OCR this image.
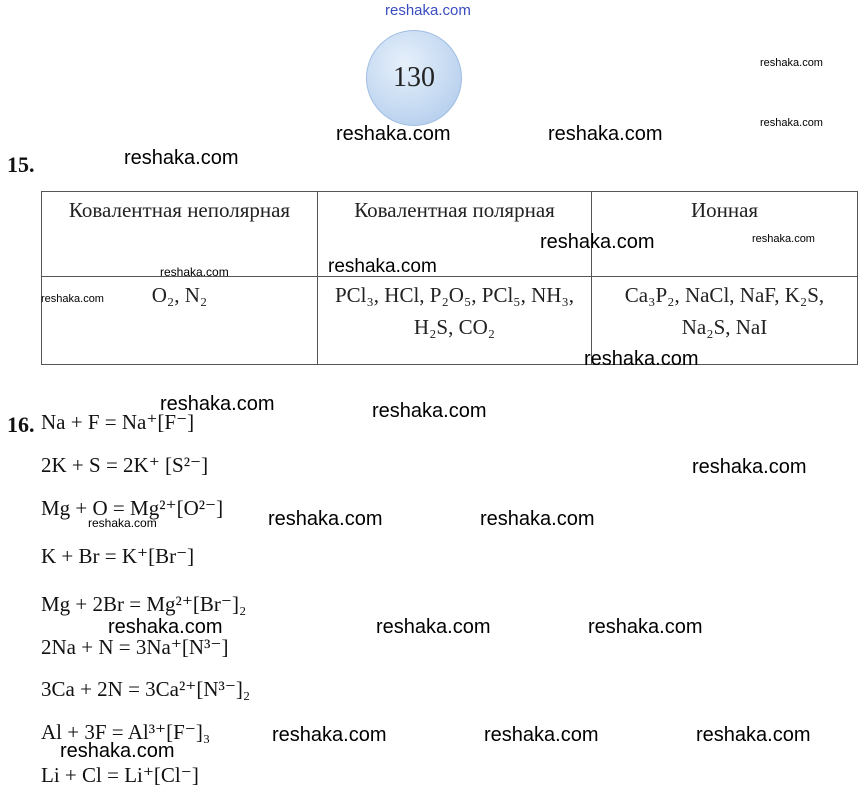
reshaka.com
130	reshaka.com
reshaka.com	reshaka.com	reshaka.com
reshaka.com
15.
Ковалентная неполярная	Ковалентная полярная	Ионная
O₂, N₂	PCl₃, HCl, P₂O₅, PCl₅, NH₃, H₂S, CO₂	Ca₃P₂, NaCl, NaF, K₂S, Na₂S, NaI
reshaka.com	reshaka.com
reshaka.com	reshaka.com
reshaka.com
reshaka.com
reshaka.com	reshaka.com
16. Na + F = Na⁺[F⁻]
2K + S = 2K⁺ [S²⁻]	reshaka.com
Mg + O = Mg²⁺[O²⁻]
reshaka.com	reshaka.com	reshaka.com
K + Br = K⁺[Br⁻]
Mg + 2Br = Mg²⁺[Br⁻]₂
reshaka.com	reshaka.com	reshaka.com
2Na + N = 3Na⁺[N³⁻]
3Ca + 2N = 3Ca²⁺[N³⁻]₂
Al + 3F = Al³⁺[F⁻]₃	reshaka.com	reshaka.com	reshaka.com
reshaka.com
Li + Cl = Li⁺[Cl⁻]
